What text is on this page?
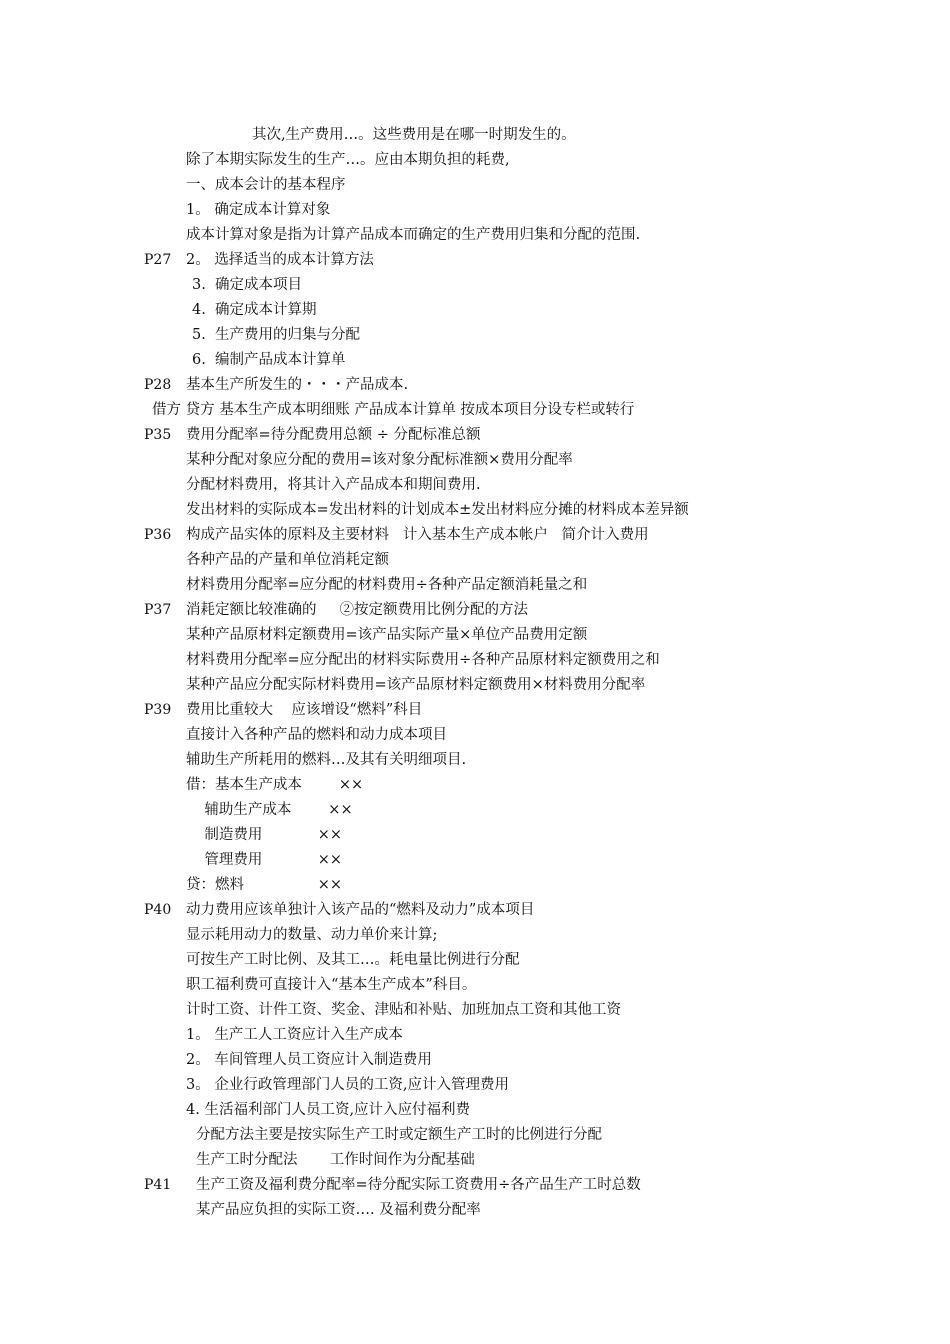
其次,生产费用…。这些费用是在哪一时期发生的。
除了本期实际发生的生产…。应由本期负担的耗费,
一、成本会计的基本程序
1。 确定成本计算对象
成本计算对象是指为计算产品成本而确定的生产费用归集和分配的范围.
P27 2。 选择适当的成本计算方法
3.  确定成本项目
4.  确定成本计算期
5.  生产费用的归集与分配
6.  编制产品成本计算单
P28 基本生产所发生的・・・产品成本.
借方 贷方 基本生产成本明细账 产品成本计算单 按成本项目分设专栏或转行
P35 费用分配率=待分配费用总额 ÷ 分配标准总额
某种分配对象应分配的费用=该对象分配标准额×费用分配率
分配材料费用，将其计入产品成本和期间费用.
发出材料的实际成本=发出材料的计划成本±发出材料应分摊的材料成本差异额
P36 构成产品实体的原料及主要材料   计入基本生产成本帐户   简介计入费用
各种产品的产量和单位消耗定额
材料费用分配率=应分配的材料费用÷各种产品定额消耗量之和
P37 消耗定额比较准确的     ②按定额费用比例分配的方法
某种产品原材料定额费用=该产品实际产量×单位产品费用定额
材料费用分配率=应分配出的材料实际费用÷各种产品原材料定额费用之和
某种产品应分配实际材料费用=该产品原材料定额费用×材料费用分配率
P39 费用比重较大    应该增设“燃料”科目
直接计入各种产品的燃料和动力成本项目
辅助生产所耗用的燃料…及其有关明细项目.
借：基本生产成本        ××
辅助生产成本        ××
制造费用            ××
管理费用            ××
贷：燃料                ××
P40 动力费用应该单独计入该产品的“燃料及动力”成本项目
显示耗用动力的数量、动力单价来计算;
可按生产工时比例、及其工…。耗电量比例进行分配
职工福利费可直接计入“基本生产成本”科目。
计时工资、计件工资、奖金、津贴和补贴、加班加点工资和其他工资
1。 生产工人工资应计入生产成本
2。 车间管理人员工资应计入制造费用
3。 企业行政管理部门人员的工资,应计入管理费用
4. 生活福利部门人员工资,应计入应付福利费
分配方法主要是按实际生产工时或定额生产工时的比例进行分配
生产工时分配法       工作时间作为分配基础
P41 生产工资及福利费分配率=待分配实际工资费用÷各产品生产工时总数
某产品应负担的实际工资…. 及福利费分配率
